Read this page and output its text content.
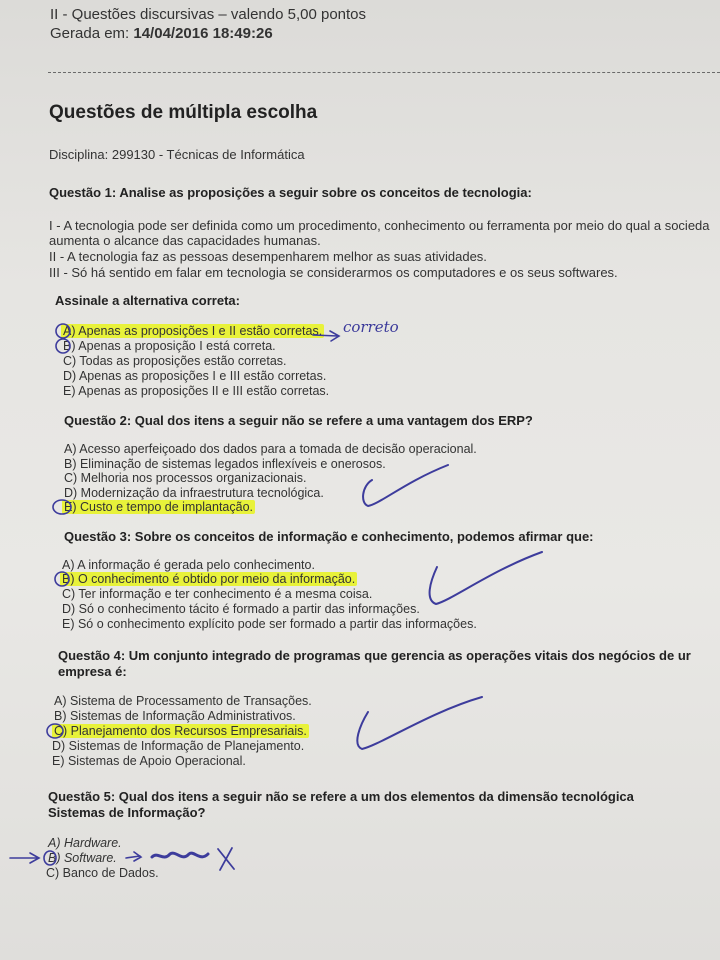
II - Questões discursivas – valendo 5,00 pontos
Gerada em: 14/04/2016 18:49:26
Questões de múltipla escolha
Disciplina: 299130 - Técnicas de Informática
Questão 1: Analise as proposições a seguir sobre os conceitos de tecnologia:
I - A tecnologia pode ser definida como um procedimento, conhecimento ou ferramenta por meio do qual a socieda
aumenta o alcance das capacidades humanas.
II - A tecnologia faz as pessoas desempenharem melhor as suas atividades.
III - Só há sentido em falar em tecnologia se considerarmos os computadores e os seus softwares.
Assinale a alternativa correta:
A) Apenas as proposições I e II estão corretas.
B) Apenas a proposição I está correta.
C) Todas as proposições estão corretas.
D) Apenas as proposições I e III estão corretas.
E) Apenas as proposições II e III estão corretas.
correto
Questão 2: Qual dos itens a seguir não se refere a uma vantagem dos ERP?
A) Acesso aperfeiçoado dos dados para a tomada de decisão operacional.
B) Eliminação de sistemas legados inflexíveis e onerosos.
C) Melhoria nos processos organizacionais.
D) Modernização da infraestrutura tecnológica.
E) Custo e tempo de implantação.
Questão 3: Sobre os conceitos de informação e conhecimento, podemos afirmar que:
A) A informação é gerada pelo conhecimento.
B) O conhecimento é obtido por meio da informação.
C) Ter informação e ter conhecimento é a mesma coisa.
D) Só o conhecimento tácito é formado a partir das informações.
E) Só o conhecimento explícito pode ser formado a partir das informações.
Questão 4: Um conjunto integrado de programas que gerencia as operações vitais dos negócios de ur
empresa é:
A) Sistema de Processamento de Transações.
B) Sistemas de Informação Administrativos.
C) Planejamento dos Recursos Empresariais.
D) Sistemas de Informação de Planejamento.
E) Sistemas de Apoio Operacional.
Questão 5: Qual dos itens a seguir não se refere a um dos elementos da dimensão tecnológica
Sistemas de Informação?
A) Hardware.
B) Software.
C) Banco de Dados.
